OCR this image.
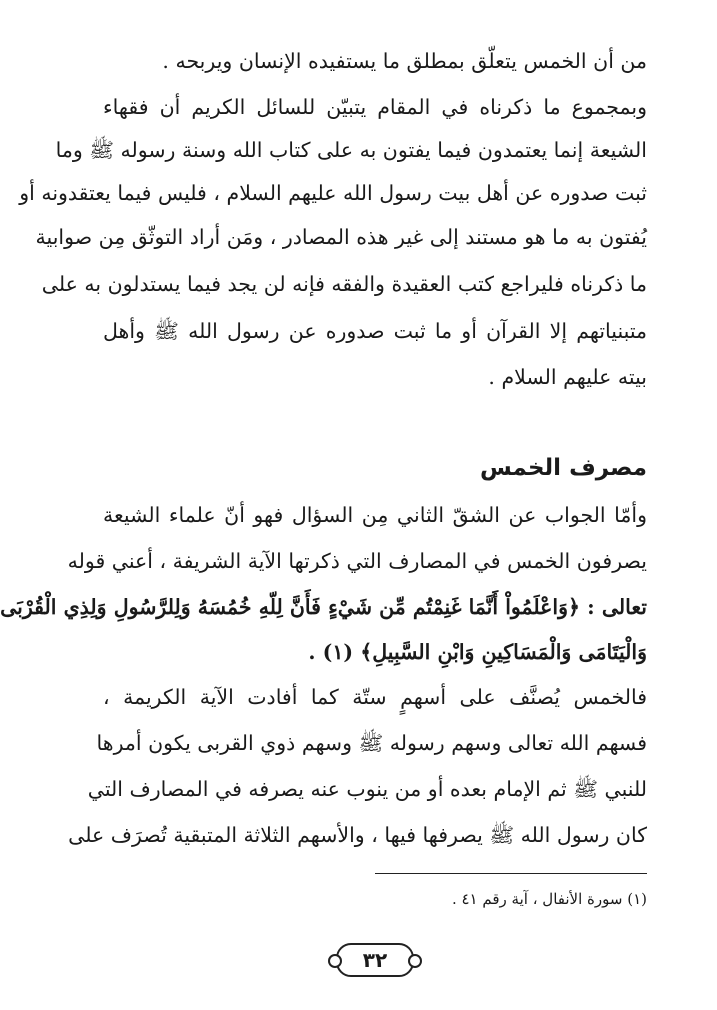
من أن الخمس يتعلّق بمطلق ما يستفيده الإنسان ويربحه .
وبمجموع ما ذكرناه في المقام يتبيّن للسائل الكريم أن فقهاء
الشيعة إنما يعتمدون فيما يفتون به على كتاب الله وسنة رسوله ﷺ وما
ثبت صدوره عن أهل بيت رسول الله عليهم السلام ، فليس فيما يعتقدونه أو
يُفتون به ما هو مستند إلى غير هذه المصادر ، ومَن أراد التوثّق مِن صوابية
ما ذكرناه فليراجع كتب العقيدة والفقه فإنه لن يجد فيما يستدلون به على
متبنياتهم إلا القرآن أو ما ثبت صدوره عن رسول الله ﷺ وأهل
بيته عليهم السلام .
مصرف الخمس
وأمّا الجواب عن الشقّ الثاني مِن السؤال فهو أنّ علماء الشيعة
يصرفون الخمس في المصارف التي ذكرتها الآية الشريفة ، أعني قوله
تعالى : ﴿وَاعْلَمُواْ أَنَّمَا غَنِمْتُم مِّن شَيْءٍ فَأَنَّ لِلّهِ خُمُسَهُ وَلِلرَّسُولِ وَلِذِي الْقُرْبَى
وَالْيَتَامَى وَالْمَسَاكِينِ وَابْنِ السَّبِيلِ﴾ (١) .
فالخمس يُصنَّف على أسهمٍ ستّة كما أفادت الآية الكريمة ،
فسهم الله تعالى وسهم رسوله ﷺ وسهم ذوي القربى يكون أمرها
للنبي ﷺ ثم الإمام بعده أو من ينوب عنه يصرفه في المصارف التي
كان رسول الله ﷺ يصرفها فيها ، والأسهم الثلاثة المتبقية تُصرَف على
(١) سورة الأنفال ، آية رقم ٤١ .
٣٢
